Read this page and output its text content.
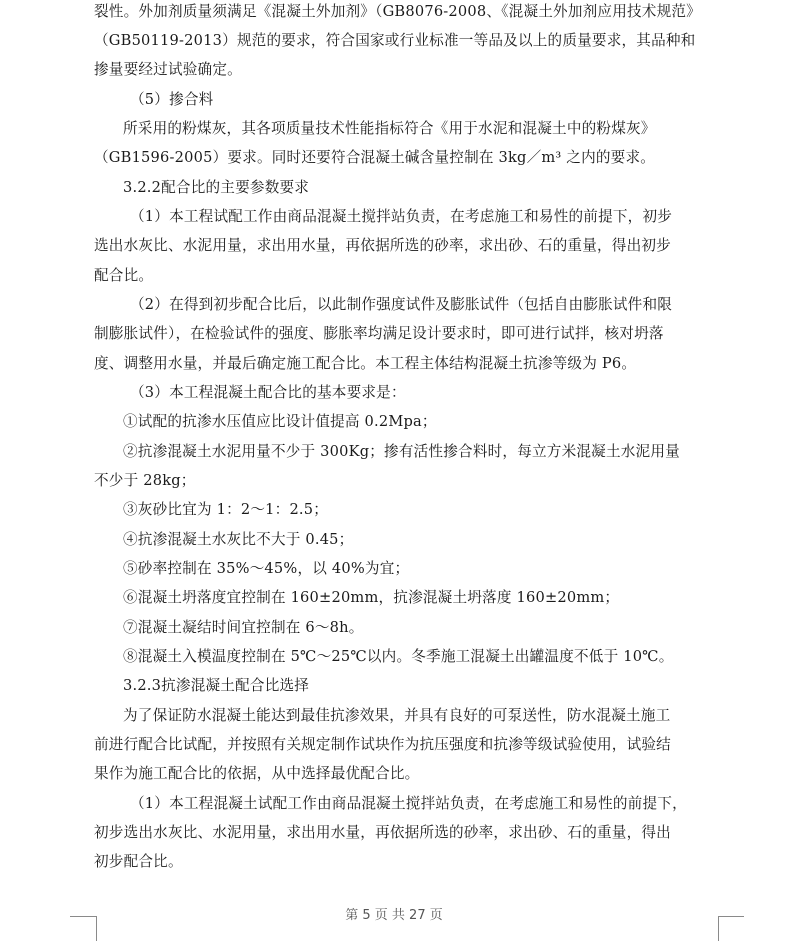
裂性。外加剂质量须满足《混凝土外加剂》（GB8076-2008、《混凝土外加剂应用技术规范》
（GB50119-2013）规范的要求，符合国家或行业标准一等品及以上的质量要求，其品种和
掺量要经过试验确定。
（5）掺合料
所采用的粉煤灰，其各项质量技术性能指标符合《用于水泥和混凝土中的粉煤灰》
（GB1596-2005）要求。同时还要符合混凝土碱含量控制在 3kg／m³ 之内的要求。
3.2.2配合比的主要参数要求
（1）本工程试配工作由商品混凝土搅拌站负责，在考虑施工和易性的前提下，初步
选出水灰比、水泥用量，求出用水量，再依据所选的砂率，求出砂、石的重量，得出初步
配合比。
（2）在得到初步配合比后，以此制作强度试件及膨胀试件（包括自由膨胀试件和限
制膨胀试件），在检验试件的强度、膨胀率均满足设计要求时，即可进行试拌，核对坍落
度、调整用水量，并最后确定施工配合比。本工程主体结构混凝土抗渗等级为 P6。
（3）本工程混凝土配合比的基本要求是：
①试配的抗渗水压值应比设计值提高 0.2Mpa；
②抗渗混凝土水泥用量不少于 300Kg；掺有活性掺合料时，每立方米混凝土水泥用量
不少于 28kg；
③灰砂比宜为 1：2～1：2.5；
④抗渗混凝土水灰比不大于 0.45；
⑤砂率控制在 35%～45%，以 40%为宜；
⑥混凝土坍落度宜控制在 160±20mm，抗渗混凝土坍落度 160±20mm；
⑦混凝土凝结时间宜控制在 6～8h。
⑧混凝土入模温度控制在 5℃～25℃以内。冬季施工混凝土出罐温度不低于 10℃。
3.2.3抗渗混凝土配合比选择
为了保证防水混凝土能达到最佳抗渗效果，并具有良好的可泵送性，防水混凝土施工
前进行配合比试配，并按照有关规定制作试块作为抗压强度和抗渗等级试验使用，试验结
果作为施工配合比的依据，从中选择最优配合比。
（1）本工程混凝土试配工作由商品混凝土搅拌站负责，在考虑施工和易性的前提下，
初步选出水灰比、水泥用量，求出用水量，再依据所选的砂率，求出砂、石的重量，得出
初步配合比。
第 5 页 共 27 页
